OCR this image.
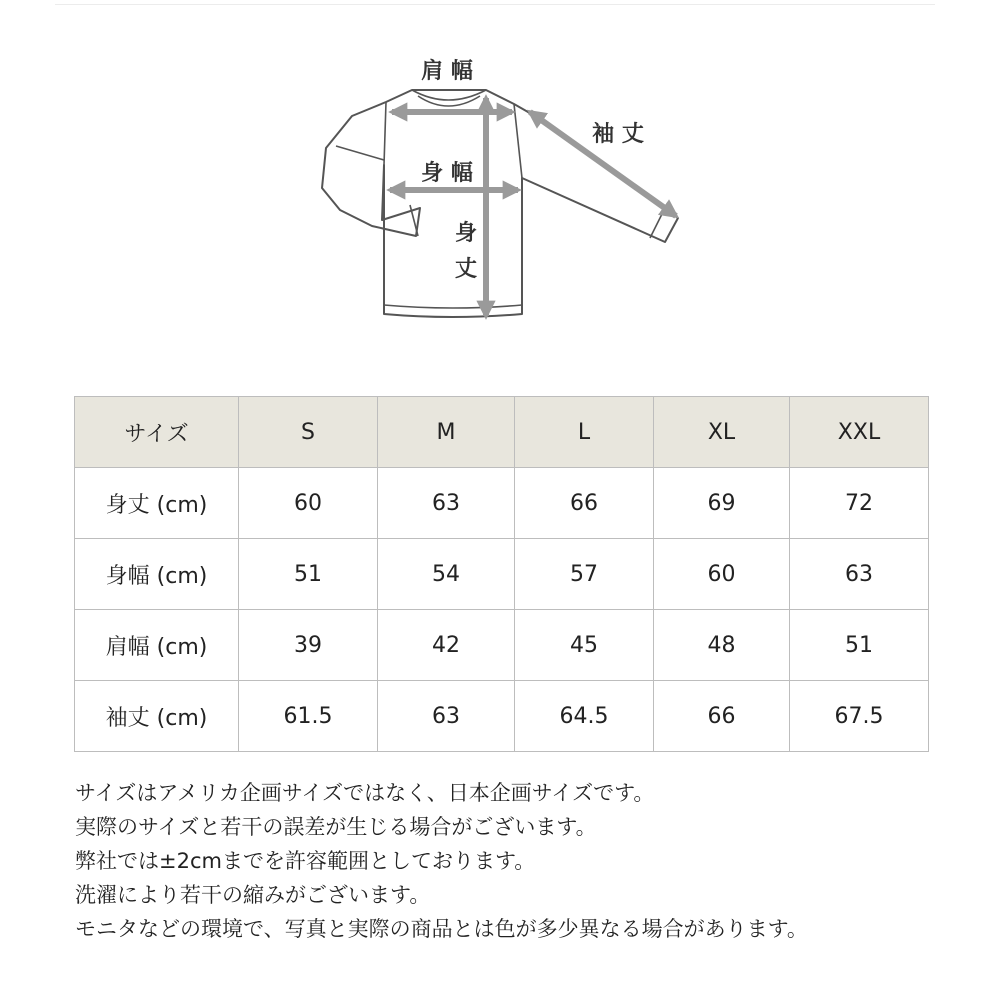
肩 幅
袖 丈
身 幅
身
丈
サイズ	S	M	L	XL	XXL
身丈 (cm)	60	63	66	69	72
身幅 (cm)	51	54	57	60	63
肩幅 (cm)	39	42	45	48	51
袖丈 (cm)	61.5	63	64.5	66	67.5

サイズはアメリカ企画サイズではなく、日本企画サイズです。

実際のサイズと若干の誤差が生じる場合がございます。

弊社では±2cmまでを許容範囲としております。

洗濯により若干の縮みがございます。

モニタなどの環境で、写真と実際の商品とは色が多少異なる場合があります。
